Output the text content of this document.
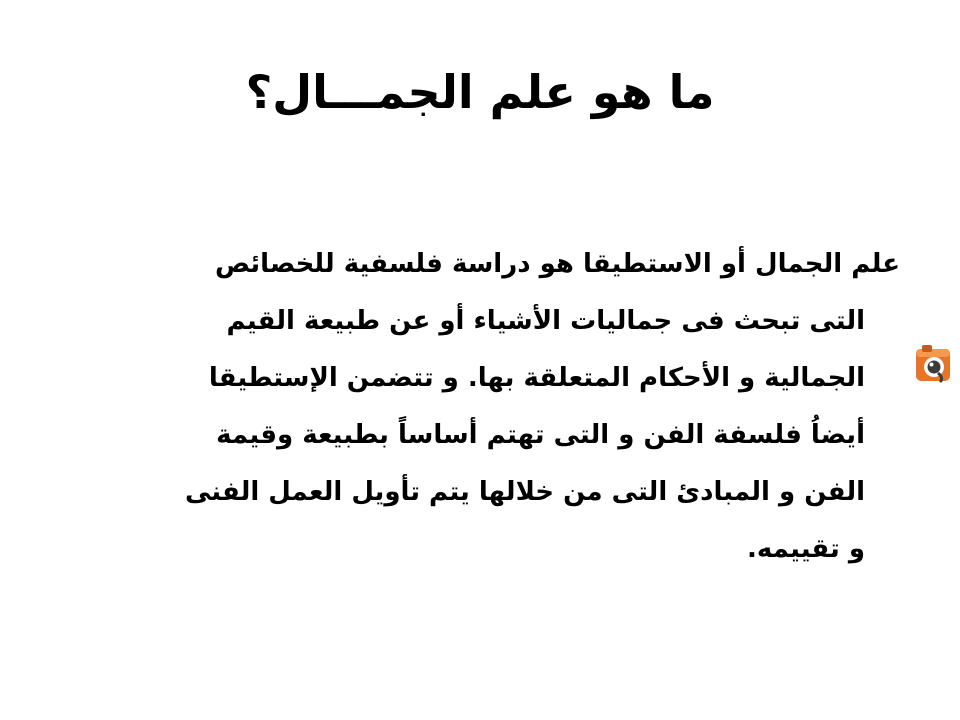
ما هو علم الجمـــال؟
علم الجمال أو الاستطيقا هو دراسة فلسفية للخصائص
التى تبحث فى جماليات الأشياء أو عن طبيعة القيم
الجمالية و الأحكام المتعلقة بها. و تتضمن الإستطيقا
أيضاُ فلسفة الفن و التى تهتم أساساً بطبيعة وقيمة
الفن و المبادئ التى من خلالها يتم تأويل العمل الفنى
و تقييمه.
